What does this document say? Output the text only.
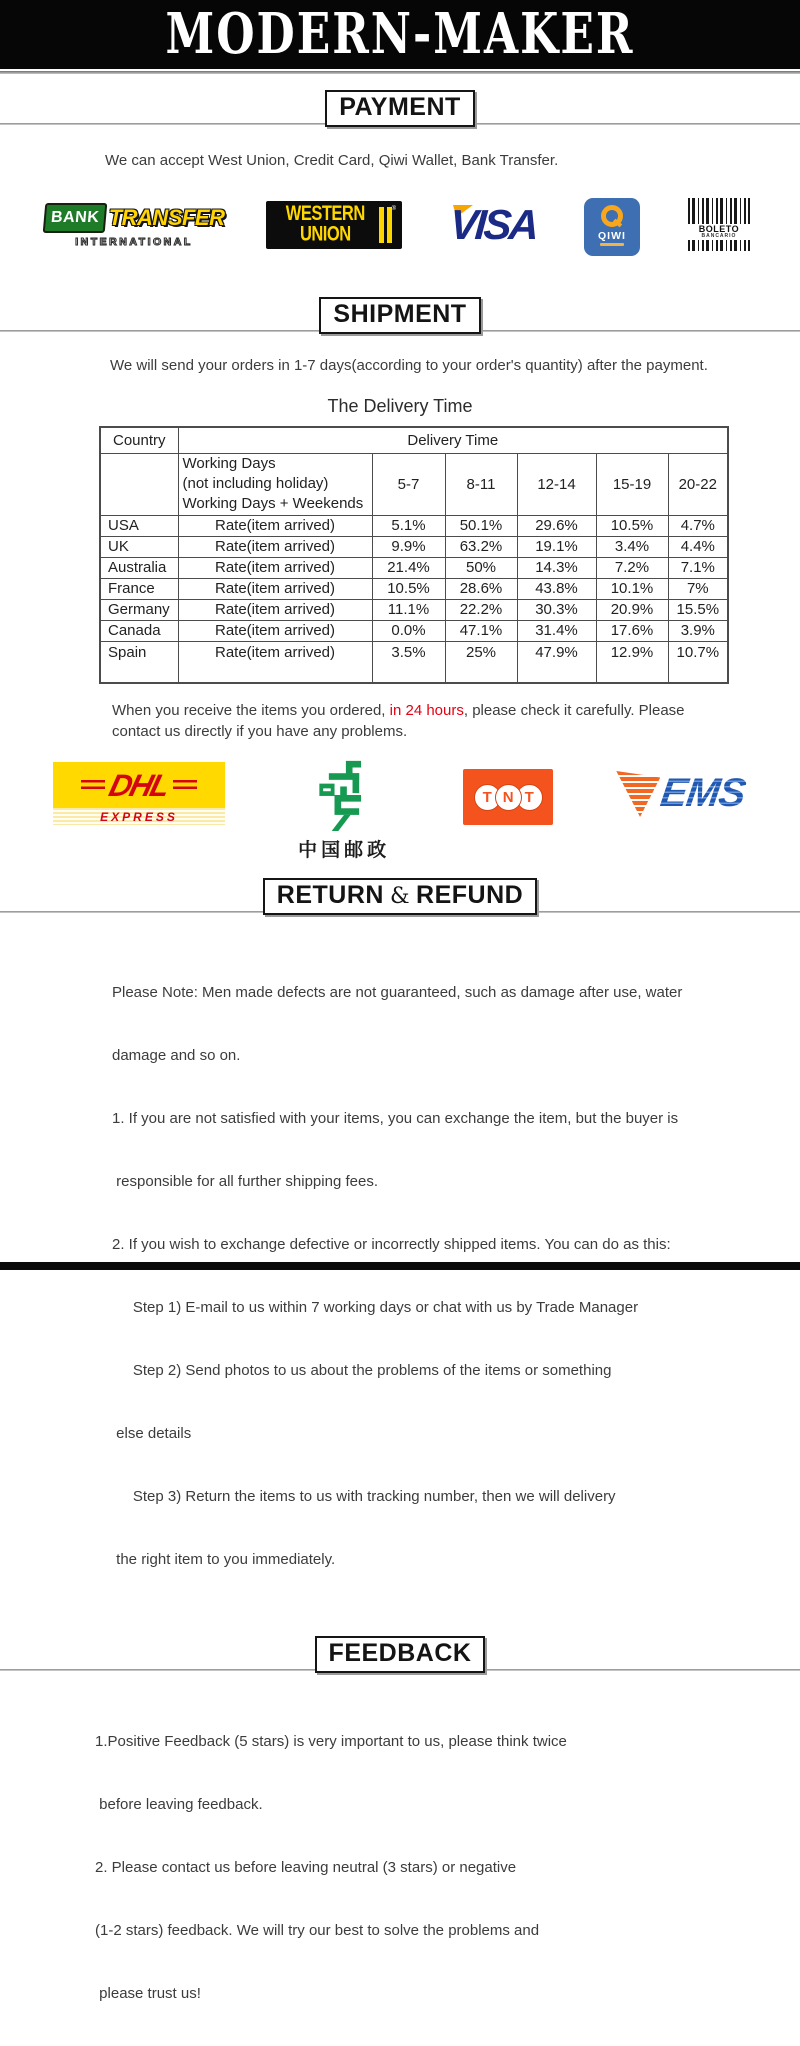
MODERN-MAKER
PAYMENT
We can accept West Union, Credit Card, Qiwi Wallet, Bank Transfer.
BANK TRANSFER
INTERNATIONAL
WESTERN
UNION
® VISA	QIWI
BOLETO
BANCARIO
SHIPMENT
We will send your orders in 1-7 days(according to your order's quantity) after the payment.
The Delivery Time
Country	Delivery Time					

	Working Days
(not including holiday)
Working Days + Weekends	5-7	8-11	12-14	15-19	20-22
USA	Rate(item arrived)	5.1%	50.1%	29.6%	10.5%	4.7%
UK	Rate(item arrived)	9.9%	63.2%	19.1%	3.4%	4.4%
Australia	Rate(item arrived)	21.4%	50%	14.3%	7.2%	7.1%
France	Rate(item arrived)	10.5%	28.6%	43.8%	10.1%	7%
Germany	Rate(item arrived)	11.1%	22.2%	30.3%	20.9%	15.5%
Canada	Rate(item arrived)	0.0%	47.1%	31.4%	17.6%	3.9%
Spain	Rate(item arrived)	3.5%	25%	47.9%	12.9%	10.7%
When you receive the items you ordered, in 24 hours, please check it carefully. Please
contact us directly if you have any problems.
DHL
EXPRESS
中国邮政
T N T	EMS
RETURN & REFUND

Please Note: Men made defects are not guaranteed, such as damage after use, water

damage and so on.

1. If you are not satisfied with your items, you can exchange the item, but the buyer is

responsible for all further shipping fees.

2. If you wish to exchange defective or incorrectly shipped items. You can do as this:

Step 1) E-mail to us within 7 working days or chat with us by Trade Manager

Step 2) Send photos to us about the problems of the items or something

else details

Step 3) Return the items to us with tracking number, then we will delivery

the right item to you immediately.

FEEDBACK

1.Positive Feedback (5 stars) is very important to us, please think twice

before leaving feedback.

2. Please contact us before leaving neutral (3 stars) or negative

(1-2 stars) feedback. We will try our best to solve the problems and

please trust us!
